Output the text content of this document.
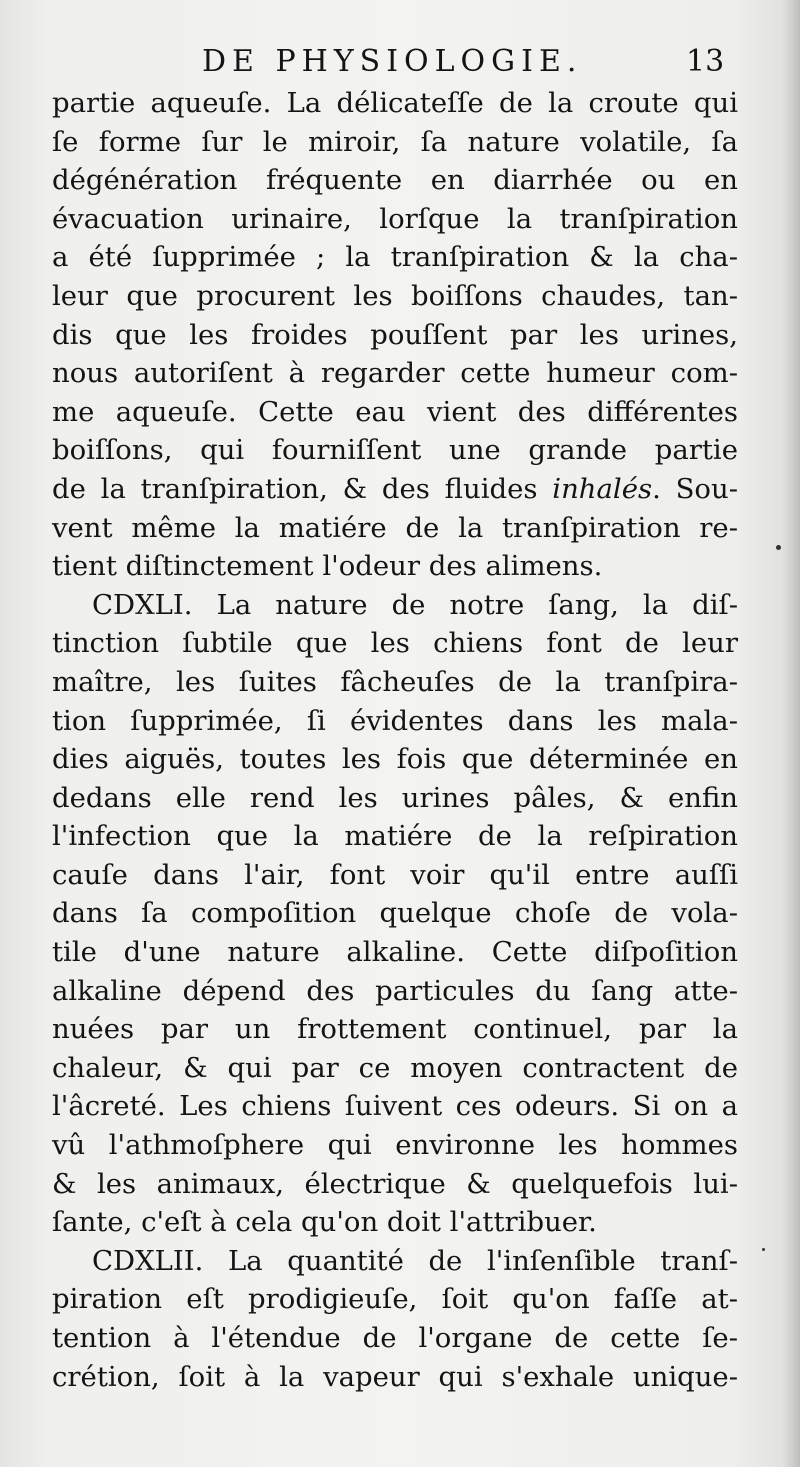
DE PHYSIOLOGIE.	13
partie aqueuſe. La délicateſſe de la croute qui
ſe forme ſur le miroir, ſa nature volatile, ſa
dégénération fréquente en diarrhée ou en
évacuation urinaire, lorſque la tranſpiration
a été ſupprimée ; la tranſpiration & la cha-
leur que procurent les boiſſons chaudes, tan-
dis que les froides pouſſent par les urines,
nous autoriſent à regarder cette humeur com-
me aqueuſe. Cette eau vient des différentes
boiſſons, qui fourniſſent une grande partie
de la tranſpiration, & des fluides inhalés. Sou-
vent même la matiére de la tranſpiration re-
tient diſtinctement l'odeur des alimens.
CDXLI. La nature de notre ſang, la diſ-
tinction ſubtile que les chiens font de leur
maître, les ſuites fâcheuſes de la tranſpira-
tion ſupprimée, ſi évidentes dans les mala-
dies aiguës, toutes les fois que déterminée en
dedans elle rend les urines pâles, & enfin
l'infection que la matiére de la reſpiration
cauſe dans l'air, font voir qu'il entre auſſi
dans ſa compoſition quelque choſe de vola-
tile d'une nature alkaline. Cette diſpoſition
alkaline dépend des particules du ſang atte-
nuées par un frottement continuel, par la
chaleur, & qui par ce moyen contractent de
l'âcreté. Les chiens ſuivent ces odeurs. Si on a
vû l'athmoſphere qui environne les hommes
& les animaux, électrique & quelquefois lui-
ſante, c'eſt à cela qu'on doit l'attribuer.
CDXLII. La quantité de l'inſenſible tranſ-
piration eſt prodigieuſe, ſoit qu'on faſſe at-
tention à l'étendue de l'organe de cette ſe-
crétion, ſoit à la vapeur qui s'exhale unique-
